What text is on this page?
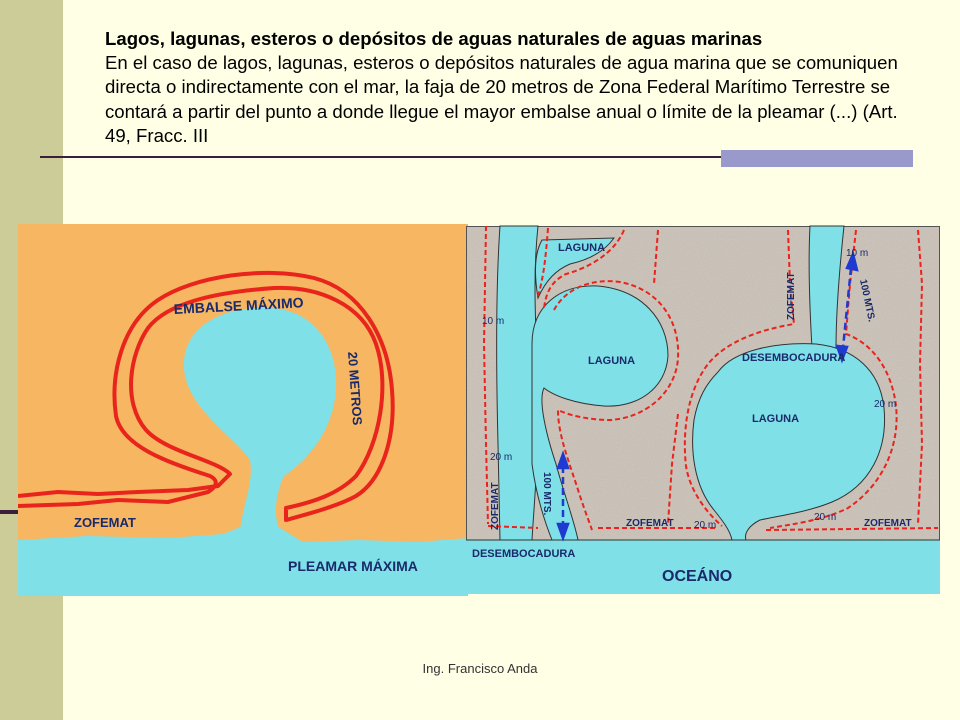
Lagos, lagunas, esteros o depósitos de aguas naturales de aguas marinas
En el caso de lagos, lagunas, esteros o depósitos naturales de agua marina que se comuniquen directa o indirectamente con el mar, la faja de 20 metros de Zona Federal Marítimo Terrestre se contará a partir del punto a donde llegue el mayor embalse anual o límite de la pleamar (...) (Art. 49, Fracc. III
EMBALSE MÁXIMO
20 METROS
ZOFEMAT
PLEAMAR MÁXIMA
LAGUNA
LAGUNA
LAGUNA
DESEMBOCADURA
DESEMBOCADURA
OCEÁNO
ZOFEMAT
ZOFEMAT
ZOFEMAT	ZOFEMAT
100 MTS.
100 MTS.
10 m
10 m
20 m
20 m
20 m
20 m
Ing. Francisco Anda
